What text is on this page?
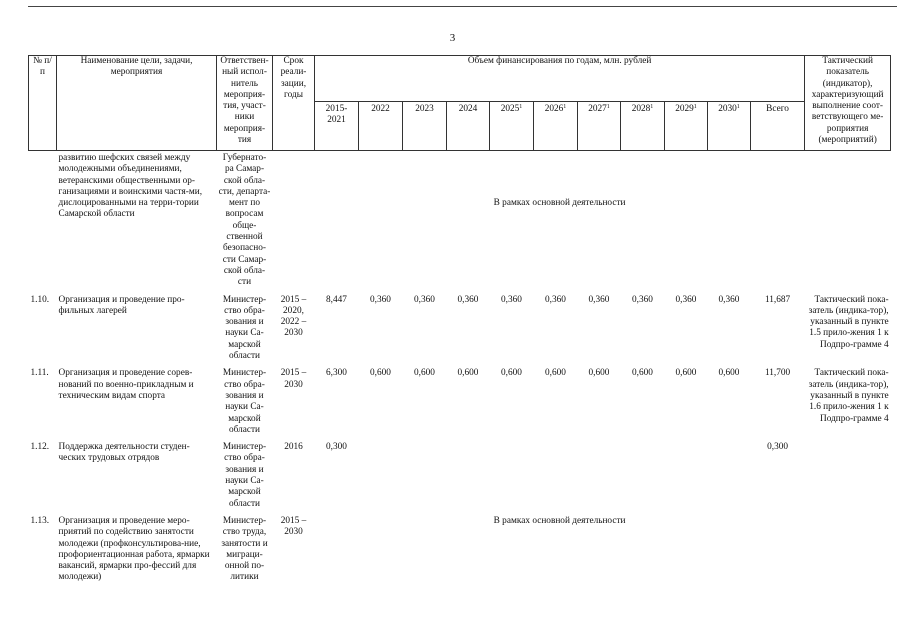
3
№ п/п	Наименование цели, задачи, мероприятия	Ответствен-ный испол-нитель мероприя-тия, участ-ники мероприя-тия	Срок реали-зации, годы	Объем финансирования по годам, млн. рублей											Тактический показатель (индикатор), характеризующий выполнение соот-ветствующего ме-роприятия (мероприятий)
				2015-2021	2022	2023	2024	2025$^1$	2026$^1$	2027$^1$	2028$^1$	2029$^1$	2030$^1$	Всего	
	развитию шефских связей между молодежными объединениями, ветеранскими общественными ор-ганизациями и воинскими частя-ми, дислоцированными на терри-тории Самарской области	Губернато-ра Самар-ской обла-сти, департа-мент по вопросам обще-ственной безопасно-сти Самар-ской обла-сти		В рамках основной деятельности											
1.10.	Организация и проведение про-фильных лагерей	Министер-ство обра-зования и науки Са-марской области	2015 – 2020, 2022 – 2030	8,447	0,360	0,360	0,360	0,360	0,360	0,360	0,360	0,360	0,360	11,687	Тактический пока-затель (индика-тор), указанный в пункте 1.5 прило-жения 1 к Подпро-грамме 4
1.11.	Организация и проведение сорев-нований по военно-прикладным и техническим видам спорта	Министер-ство обра-зования и науки Са-марской области	2015 – 2030	6,300	0,600	0,600	0,600	0,600	0,600	0,600	0,600	0,600	0,600	11,700	Тактический пока-затель (индика-тор), указанный в пункте 1.6 прило-жения 1 к Подпро-грамме 4
1.12.	Поддержка деятельности студен-ческих трудовых отрядов	Министер-ство обра-зования и науки Са-марской области	2016	0,300										0,300	
1.13.	Организация и проведение меро-приятий по содействию занятости молодежи (профконсультирова-ние, профориентационная работа, ярмарки вакансий, ярмарки про-фессий для молодежи)	Министер-ство труда, занятости и миграци-онной по-литики	2015 – 2030	В рамках основной деятельности											
